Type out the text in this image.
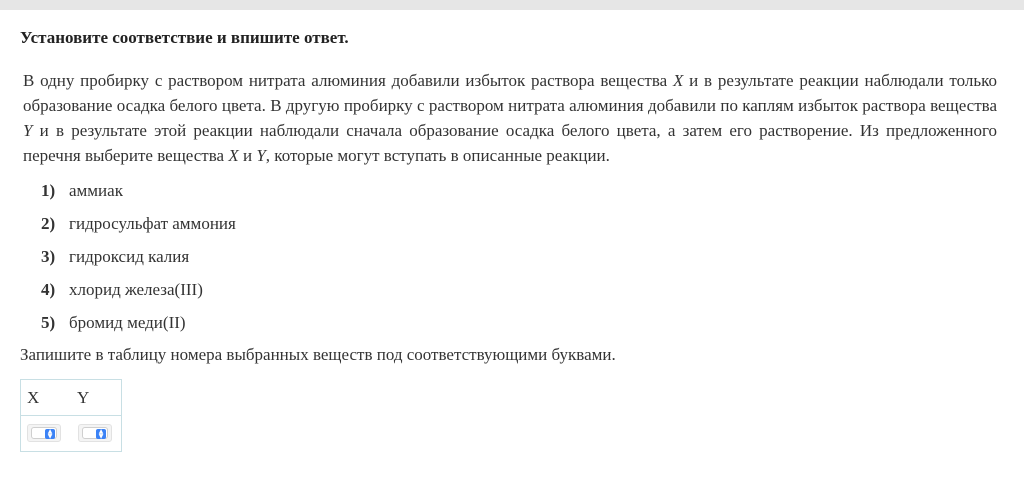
Установите соответствие и впишите ответ.
В одну пробирку с раствором нитрата алюминия добавили избыток раствора вещества X и в результате реакции наблюдали только образование осадка белого цвета. В другую пробирку с раствором нитрата алюминия добавили по каплям избыток раствора вещества Y и в результате этой реакции наблюдали сначала образование осадка белого цвета, а затем его растворение. Из предложенного перечня выберите вещества X и Y, которые могут вступать в описанные реакции.
1) аммиак
2) гидросульфат аммония
3) гидроксид калия
4) хлорид железа(III)
5) бромид меди(II)
Запишите в таблицу номера выбранных веществ под соответствующими буквами.
X Y
▲
▼
▲
▼
